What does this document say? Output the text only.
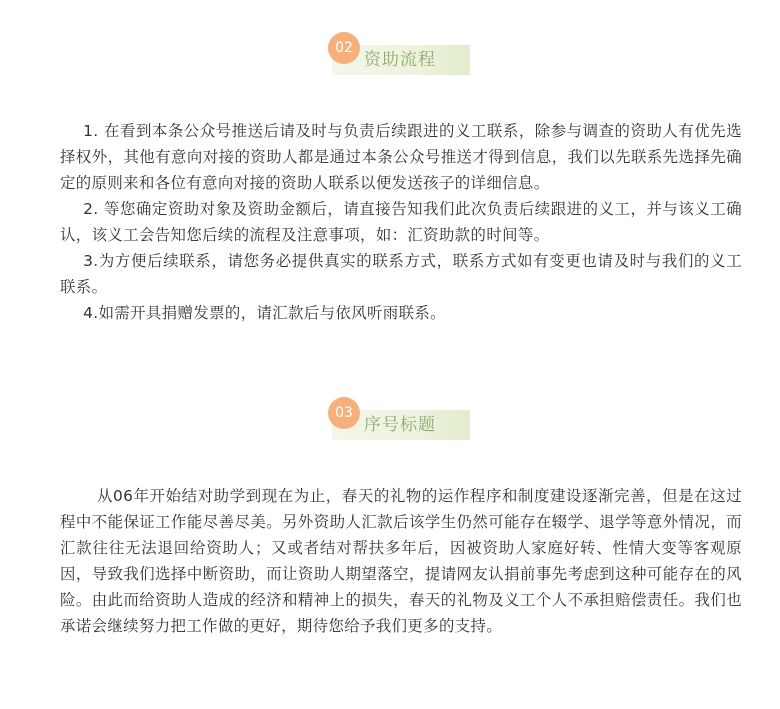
02
资助流程

1. 在看到本条公众号推送后请及时与负责后续跟进的义工联系，除参与调查的资助人有优先选择权外，其他有意向对接的资助人都是通过本条公众号推送才得到信息，我们以先联系先选择先确定的原则来和各位有意向对接的资助人联系以便发送孩子的详细信息。

2. 等您确定资助对象及资助金额后，请直接告知我们此次负责后续跟进的义工，并与该义工确认，该义工会告知您后续的流程及注意事项，如：汇资助款的时间等。

3.为方便后续联系，请您务必提供真实的联系方式，联系方式如有变更也请及时与我们的义工联系。

4.如需开具捐赠发票的，请汇款后与依风听雨联系。

03
序号标题

从06年开始结对助学到现在为止，春天的礼物的运作程序和制度建设逐渐完善，但是在这过程中不能保证工作能尽善尽美。另外资助人汇款后该学生仍然可能存在辍学、退学等意外情况，而汇款往往无法退回给资助人；又或者结对帮扶多年后，因被资助人家庭好转、性情大变等客观原因，导致我们选择中断资助，而让资助人期望落空，提请网友认捐前事先考虑到这种可能存在的风险。由此而给资助人造成的经济和精神上的损失，春天的礼物及义工个人不承担赔偿责任。我们也承诺会继续努力把工作做的更好，期待您给予我们更多的支持。
